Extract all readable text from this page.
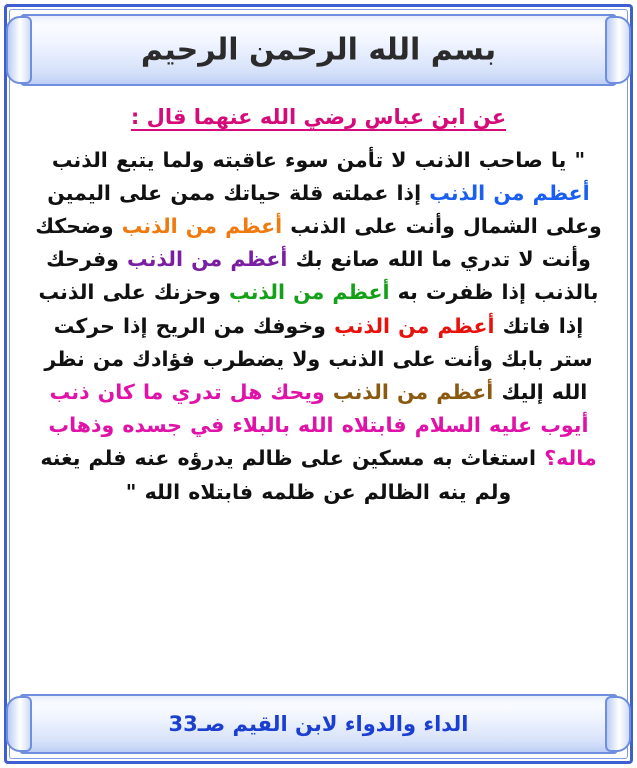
بسم الله الرحمن الرحيم
عن ابن عباس رضي الله عنهما قال :
" يا صاحب الذنب لا تأمن سوء عاقبته ولما يتبع الذنب أعظم من الذنب إذا عملته قلة حياتك ممن على اليمين وعلى الشمال وأنت على الذنب أعظم من الذنب وضحكك وأنت لا تدري ما الله صانع بك أعظم من الذنب وفرحك بالذنب إذا ظفرت به أعظم من الذنب وحزنك على الذنب إذا فاتك أعظم من الذنب وخوفك من الريح إذا حركت ستر بابك وأنت على الذنب ولا يضطرب فؤادك من نظر الله إليك أعظم من الذنب ويحك هل تدري ما كان ذنب أيوب عليه السلام فابتلاه الله بالبلاء في جسده وذهاب ماله؟ استغاث به مسكين على ظالم يدرؤه عنه فلم يغنه ولم ينه الظالم عن ظلمه فابتلاه الله "
الداء والدواء لابن القيم صـ33
